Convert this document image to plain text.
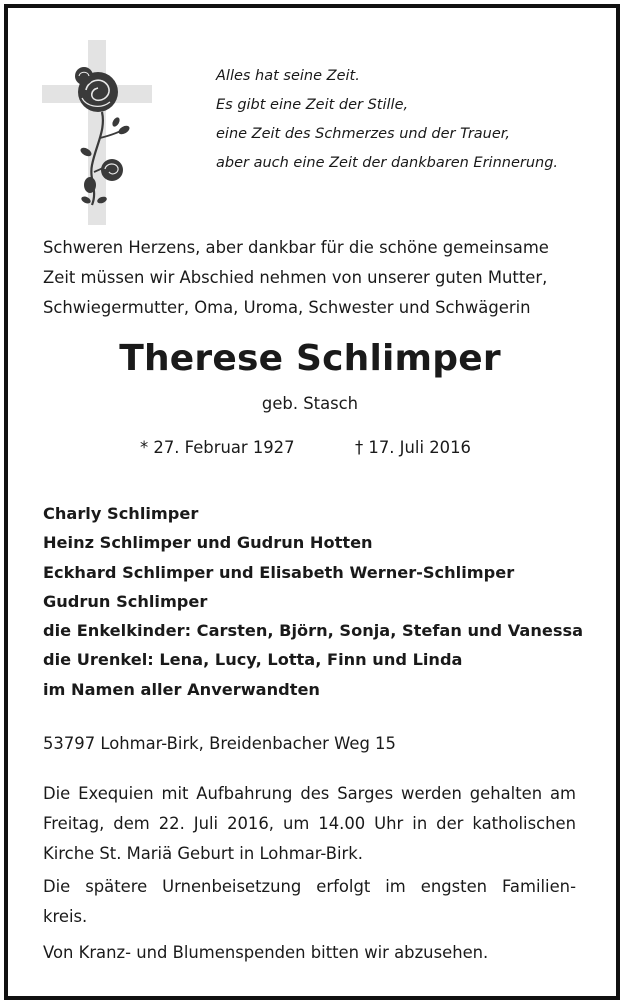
Alles hat seine Zeit.
Es gibt eine Zeit der Stille,
eine Zeit des Schmerzes und der Trauer,
aber auch eine Zeit der dankbaren Erinnerung.
Schweren Herzens, aber dankbar für die schöne gemeinsame
Zeit müssen wir Abschied nehmen von unserer guten Mutter,
Schwiegermutter, Oma, Uroma, Schwester und Schwägerin
Therese Schlimper
geb. Stasch
* 27. Februar 1927	† 17. Juli 2016
Charly Schlimper
Heinz Schlimper und Gudrun Hotten
Eckhard Schlimper und Elisabeth Werner-Schlimper
Gudrun Schlimper
die Enkelkinder: Carsten, Björn, Sonja, Stefan und Vanessa
die Urenkel: Lena, Lucy, Lotta, Finn und Linda
im Namen aller Anverwandten
53797 Lohmar-Birk, Breidenbacher Weg 15
Die Exequien mit Aufbahrung des Sarges werden gehalten am
Freitag, dem 22. Juli 2016, um 14.00 Uhr in der katholischen
Kirche St. Mariä Geburt in Lohmar-Birk.
Die spätere Urnenbeisetzung erfolgt im engsten Familien-
kreis.
Von Kranz- und Blumenspenden bitten wir abzusehen.
